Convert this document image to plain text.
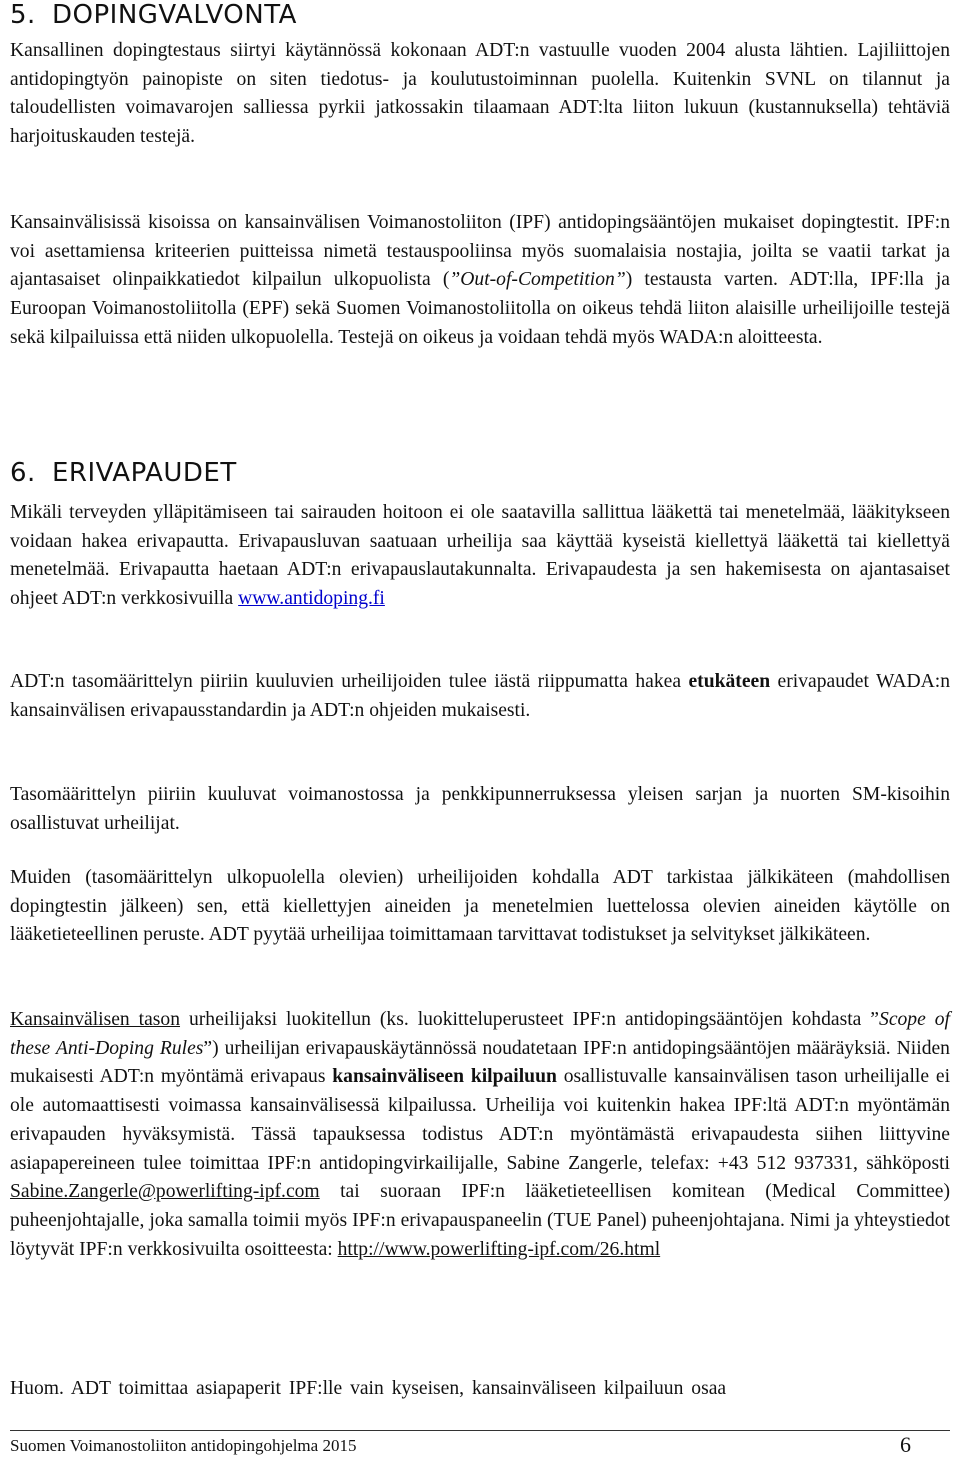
5. DOPINGVALVONTA

Kansallinen dopingtestaus siirtyi käytännössä kokonaan ADT:n vastuulle vuoden 2004 alusta lähtien. Lajiliittojen antidopingtyön painopiste on siten tiedotus- ja koulutustoiminnan puolella. Kuitenkin SVNL on tilannut ja taloudellisten voimavarojen salliessa pyrkii jatkossakin tilaamaan ADT:lta liiton lukuun (kustannuksella) tehtäviä harjoituskauden testejä.

Kansainvälisissä kisoissa on kansainvälisen Voimanostoliiton (IPF) antidopingsääntöjen mukaiset dopingtestit. IPF:n voi asettamiensa kriteerien puitteissa nimetä testauspooliinsa myös suomalaisia nostajia, joilta se vaatii tarkat ja ajantasaiset olinpaikkatiedot kilpailun ulkopuolista (”Out-of-Competition”) testausta varten. ADT:lla, IPF:lla ja Euroopan Voimanostoliitolla (EPF) sekä Suomen Voimanostoliitolla on oikeus tehdä liiton alaisille urheilijoille testejä sekä kilpailuissa että niiden ulkopuolella. Testejä on oikeus ja voidaan tehdä myös WADA:n aloitteesta.

6. ERIVAPAUDET

Mikäli terveyden ylläpitämiseen tai sairauden hoitoon ei ole saatavilla sallittua lääkettä tai menetelmää, lääkitykseen voidaan hakea erivapautta. Erivapausluvan saatuaan urheilija saa käyttää kyseistä kiellettyä lääkettä tai kiellettyä menetelmää. Erivapautta haetaan ADT:n erivapauslautakunnalta. Erivapaudesta ja sen hakemisesta on ajantasaiset ohjeet ADT:n verkkosivuilla www.antidoping.fi

ADT:n tasomäärittelyn piiriin kuuluvien urheilijoiden tulee iästä riippumatta hakea etukäteen erivapaudet WADA:n kansainvälisen erivapausstandardin ja ADT:n ohjeiden mukaisesti.

Tasomäärittelyn piiriin kuuluvat voimanostossa ja penkkipunnerruksessa yleisen sarjan ja nuorten SM-kisoihin osallistuvat urheilijat.

Muiden (tasomäärittelyn ulkopuolella olevien) urheilijoiden kohdalla ADT tarkistaa jälkikäteen (mahdollisen dopingtestin jälkeen) sen, että kiellettyjen aineiden ja menetelmien luettelossa olevien aineiden käytölle on lääketieteellinen peruste. ADT pyytää urheilijaa toimittamaan tarvittavat todistukset ja selvitykset jälkikäteen.

Kansainvälisen tason urheilijaksi luokitellun (ks. luokitteluperusteet IPF:n antidopingsääntöjen kohdasta ”Scope of these Anti-Doping Rules”) urheilijan erivapauskäytännössä noudatetaan IPF:n antidopingsääntöjen määräyksiä. Niiden mukaisesti ADT:n myöntämä erivapaus kansainväliseen kilpailuun osallistuvalle kansainvälisen tason urheilijalle ei ole automaattisesti voimassa kansainvälisessä kilpailussa. Urheilija voi kuitenkin hakea IPF:ltä ADT:n myöntämän erivapauden hyväksymistä. Tässä tapauksessa todistus ADT:n myöntämästä erivapaudesta siihen liittyvine asiapapereineen tulee toimittaa IPF:n antidopingvirkailijalle, Sabine Zangerle, telefax: +43 512 937331, sähköposti Sabine.Zangerle@powerlifting-ipf.com tai suoraan IPF:n lääketieteellisen komitean (Medical Committee) puheenjohtajalle, joka samalla toimii myös IPF:n erivapauspaneelin (TUE Panel) puheenjohtajana. Nimi ja yhteystiedot löytyvät IPF:n verkkosivuilta osoitteesta: http://www.powerlifting-ipf.com/26.html

Huom. ADT toimittaa asiapaperit IPF:lle vain kyseisen, kansainväliseen kilpailuun osaa

Suomen Voimanostoliiton antidopingohjelma 2015	6
